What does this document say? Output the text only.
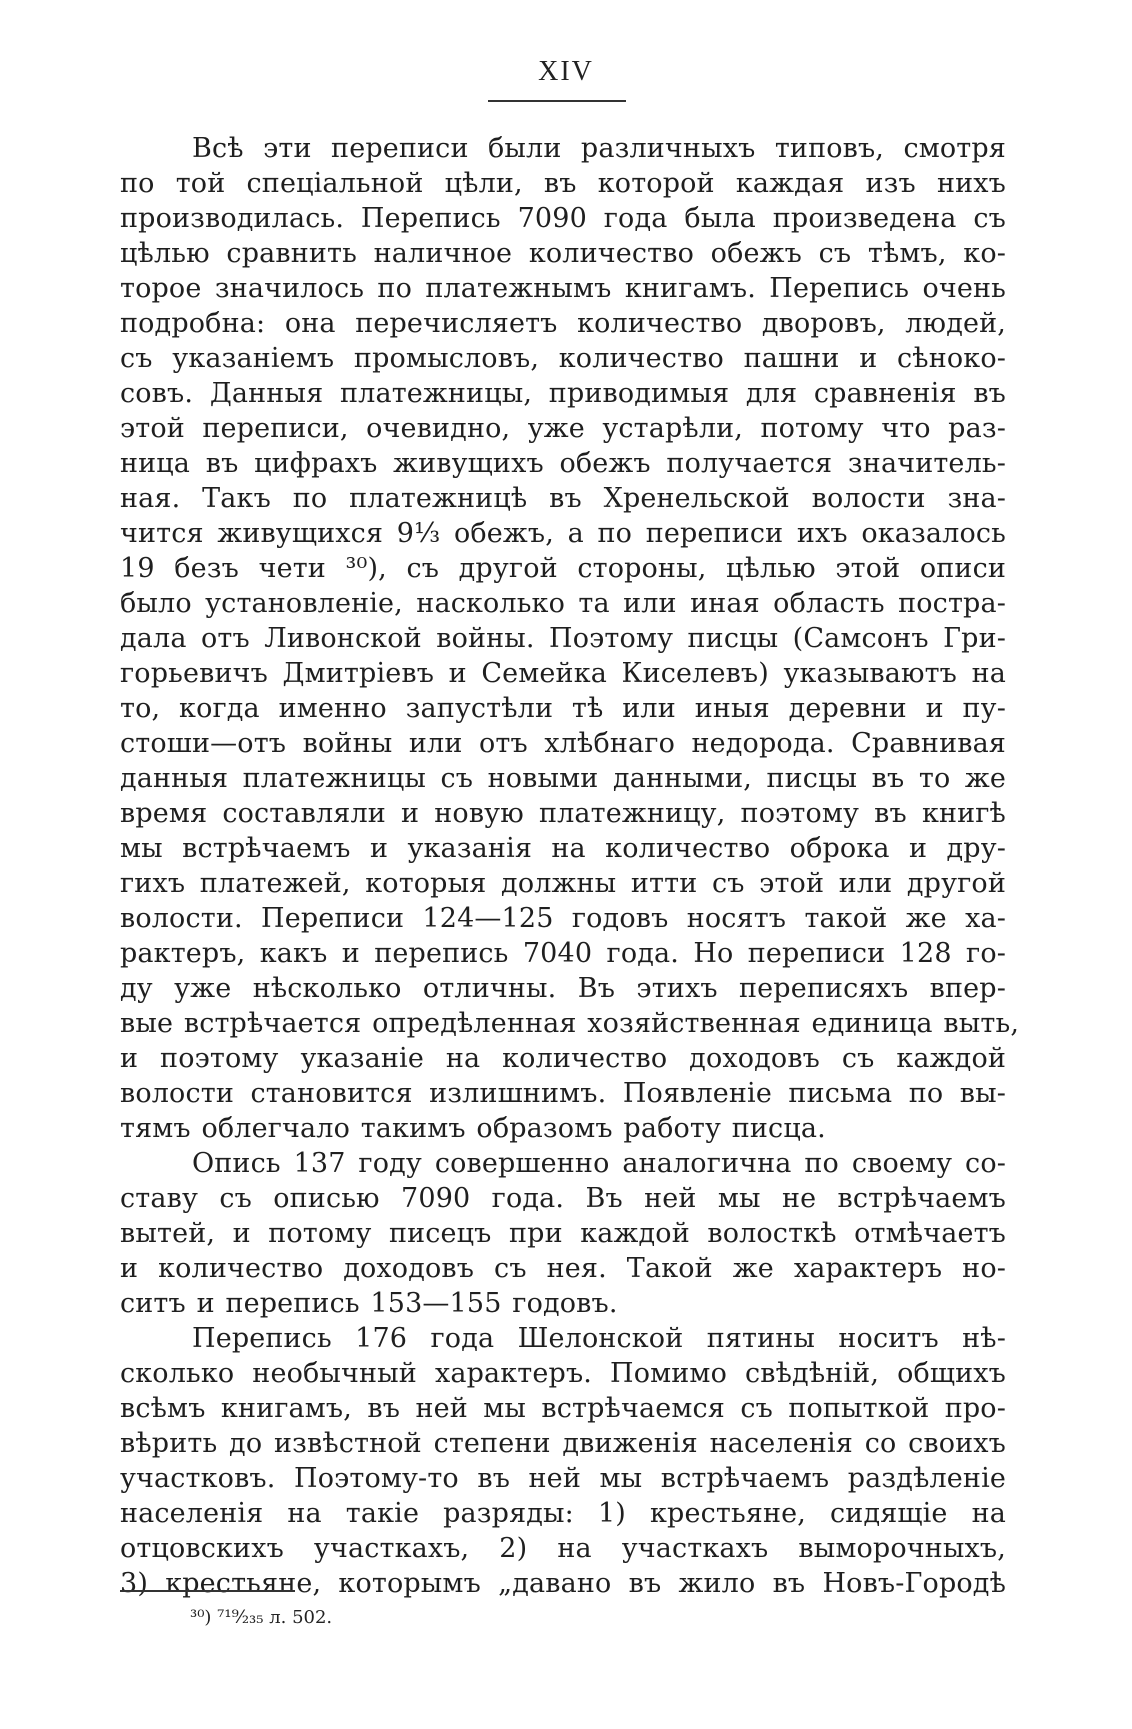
XIV
Всѣ эти переписи были различныхъ типовъ, смотря
по той спеціальной цѣли, въ которой каждая изъ нихъ
производилась. Перепись 7090 года была произведена съ
цѣлью сравнить наличное количество обежъ съ тѣмъ, ко-
торое значилось по платежнымъ книгамъ. Перепись очень
подробна: она перечисляетъ количество дворовъ, людей,
съ указаніемъ промысловъ, количество пашни и сѣноко-
совъ. Данныя платежницы, приводимыя для сравненія въ
этой переписи, очевидно, уже устарѣли, потому что раз-
ница въ цифрахъ живущихъ обежъ получается значитель-
ная. Такъ по платежницѣ въ Хренельской волости зна-
чится живущихся 9⅓ обежъ, а по переписи ихъ оказалось
19 безъ чети ³⁰), съ другой стороны, цѣлью этой описи
было установленіе, насколько та или иная область постра-
дала отъ Ливонской войны. Поэтому писцы (Самсонъ Гри-
горьевичъ Дмитріевъ и Семейка Киселевъ) указываютъ на
то, когда именно запустѣли тѣ или иныя деревни и пу-
стоши—отъ войны или отъ хлѣбнаго недорода. Сравнивая
данныя платежницы съ новыми данными, писцы въ то же
время составляли и новую платежницу, поэтому въ книгѣ
мы встрѣчаемъ и указанія на количество оброка и дру-
гихъ платежей, которыя должны итти съ этой или другой
волости. Переписи 124—125 годовъ носятъ такой же ха-
рактеръ, какъ и перепись 7040 года. Но переписи 128 го-
ду уже нѣсколько отличны. Въ этихъ переписяхъ впер-
вые встрѣчается опредѣленная хозяйственная единица выть,
и поэтому указаніе на количество доходовъ съ каждой
волости становится излишнимъ. Появленіе письма по вы-
тямъ облегчало такимъ образомъ работу писца.
Опись 137 году совершенно аналогична по своему со-
ставу съ описью 7090 года. Въ ней мы не встрѣчаемъ
вытей, и потому писецъ при каждой волосткѣ отмѣчаетъ
и количество доходовъ съ нея. Такой же характеръ но-
ситъ и перепись 153—155 годовъ.
Перепись 176 года Шелонской пятины носитъ нѣ-
сколько необычный характеръ. Помимо свѣдѣній, общихъ
всѣмъ книгамъ, въ ней мы встрѣчаемся съ попыткой про-
вѣрить до извѣстной степени движенія населенія со своихъ
участковъ. Поэтому-то въ ней мы встрѣчаемъ раздѣленіе
населенія на такіе разряды: 1) крестьяне, сидящіе на
отцовскихъ участкахъ, 2) на участкахъ выморочныхъ,
3) крестьяне, которымъ „давано въ жило въ Новъ-Городѣ
³⁰) ⁷¹⁹⁄₂₃₅ л. 502.
